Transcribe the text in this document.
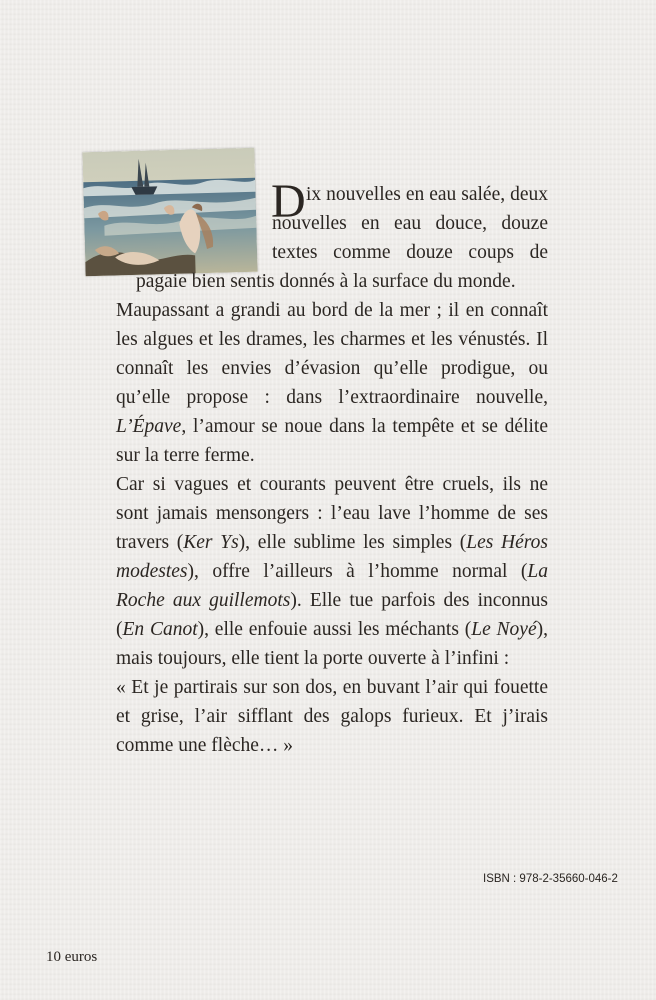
D ix nouvelles en eau salée, deux
nouvelles en eau douce, douze
textes comme douze coups de
pagaie bien sentis donnés à la surface du monde.

Maupassant a grandi au bord de la mer ; il en connaît les algues et les drames, les charmes et les vénustés. Il connaît les envies d’évasion qu’elle prodigue, ou qu’elle propose : dans l’extraordinaire nouvelle, L’Épave, l’amour se noue dans la tempête et se délite sur la terre ferme.

Car si vagues et courants peuvent être cruels, ils ne sont jamais mensongers : l’eau lave l’homme de ses travers (Ker Ys), elle sublime les simples (Les Héros modestes), offre l’ailleurs à l’homme normal (La Roche aux guillemots). Elle tue parfois des inconnus (En Canot), elle enfouie aussi les méchants (Le Noyé), mais toujours, elle tient la porte ouverte à l’infini :

« Et je partirais sur son dos, en buvant l’air qui fouette et grise, l’air sifflant des galops furieux. Et j’irais comme une flèche… »

ISBN : 978-2-35660-046-2
10 euros
